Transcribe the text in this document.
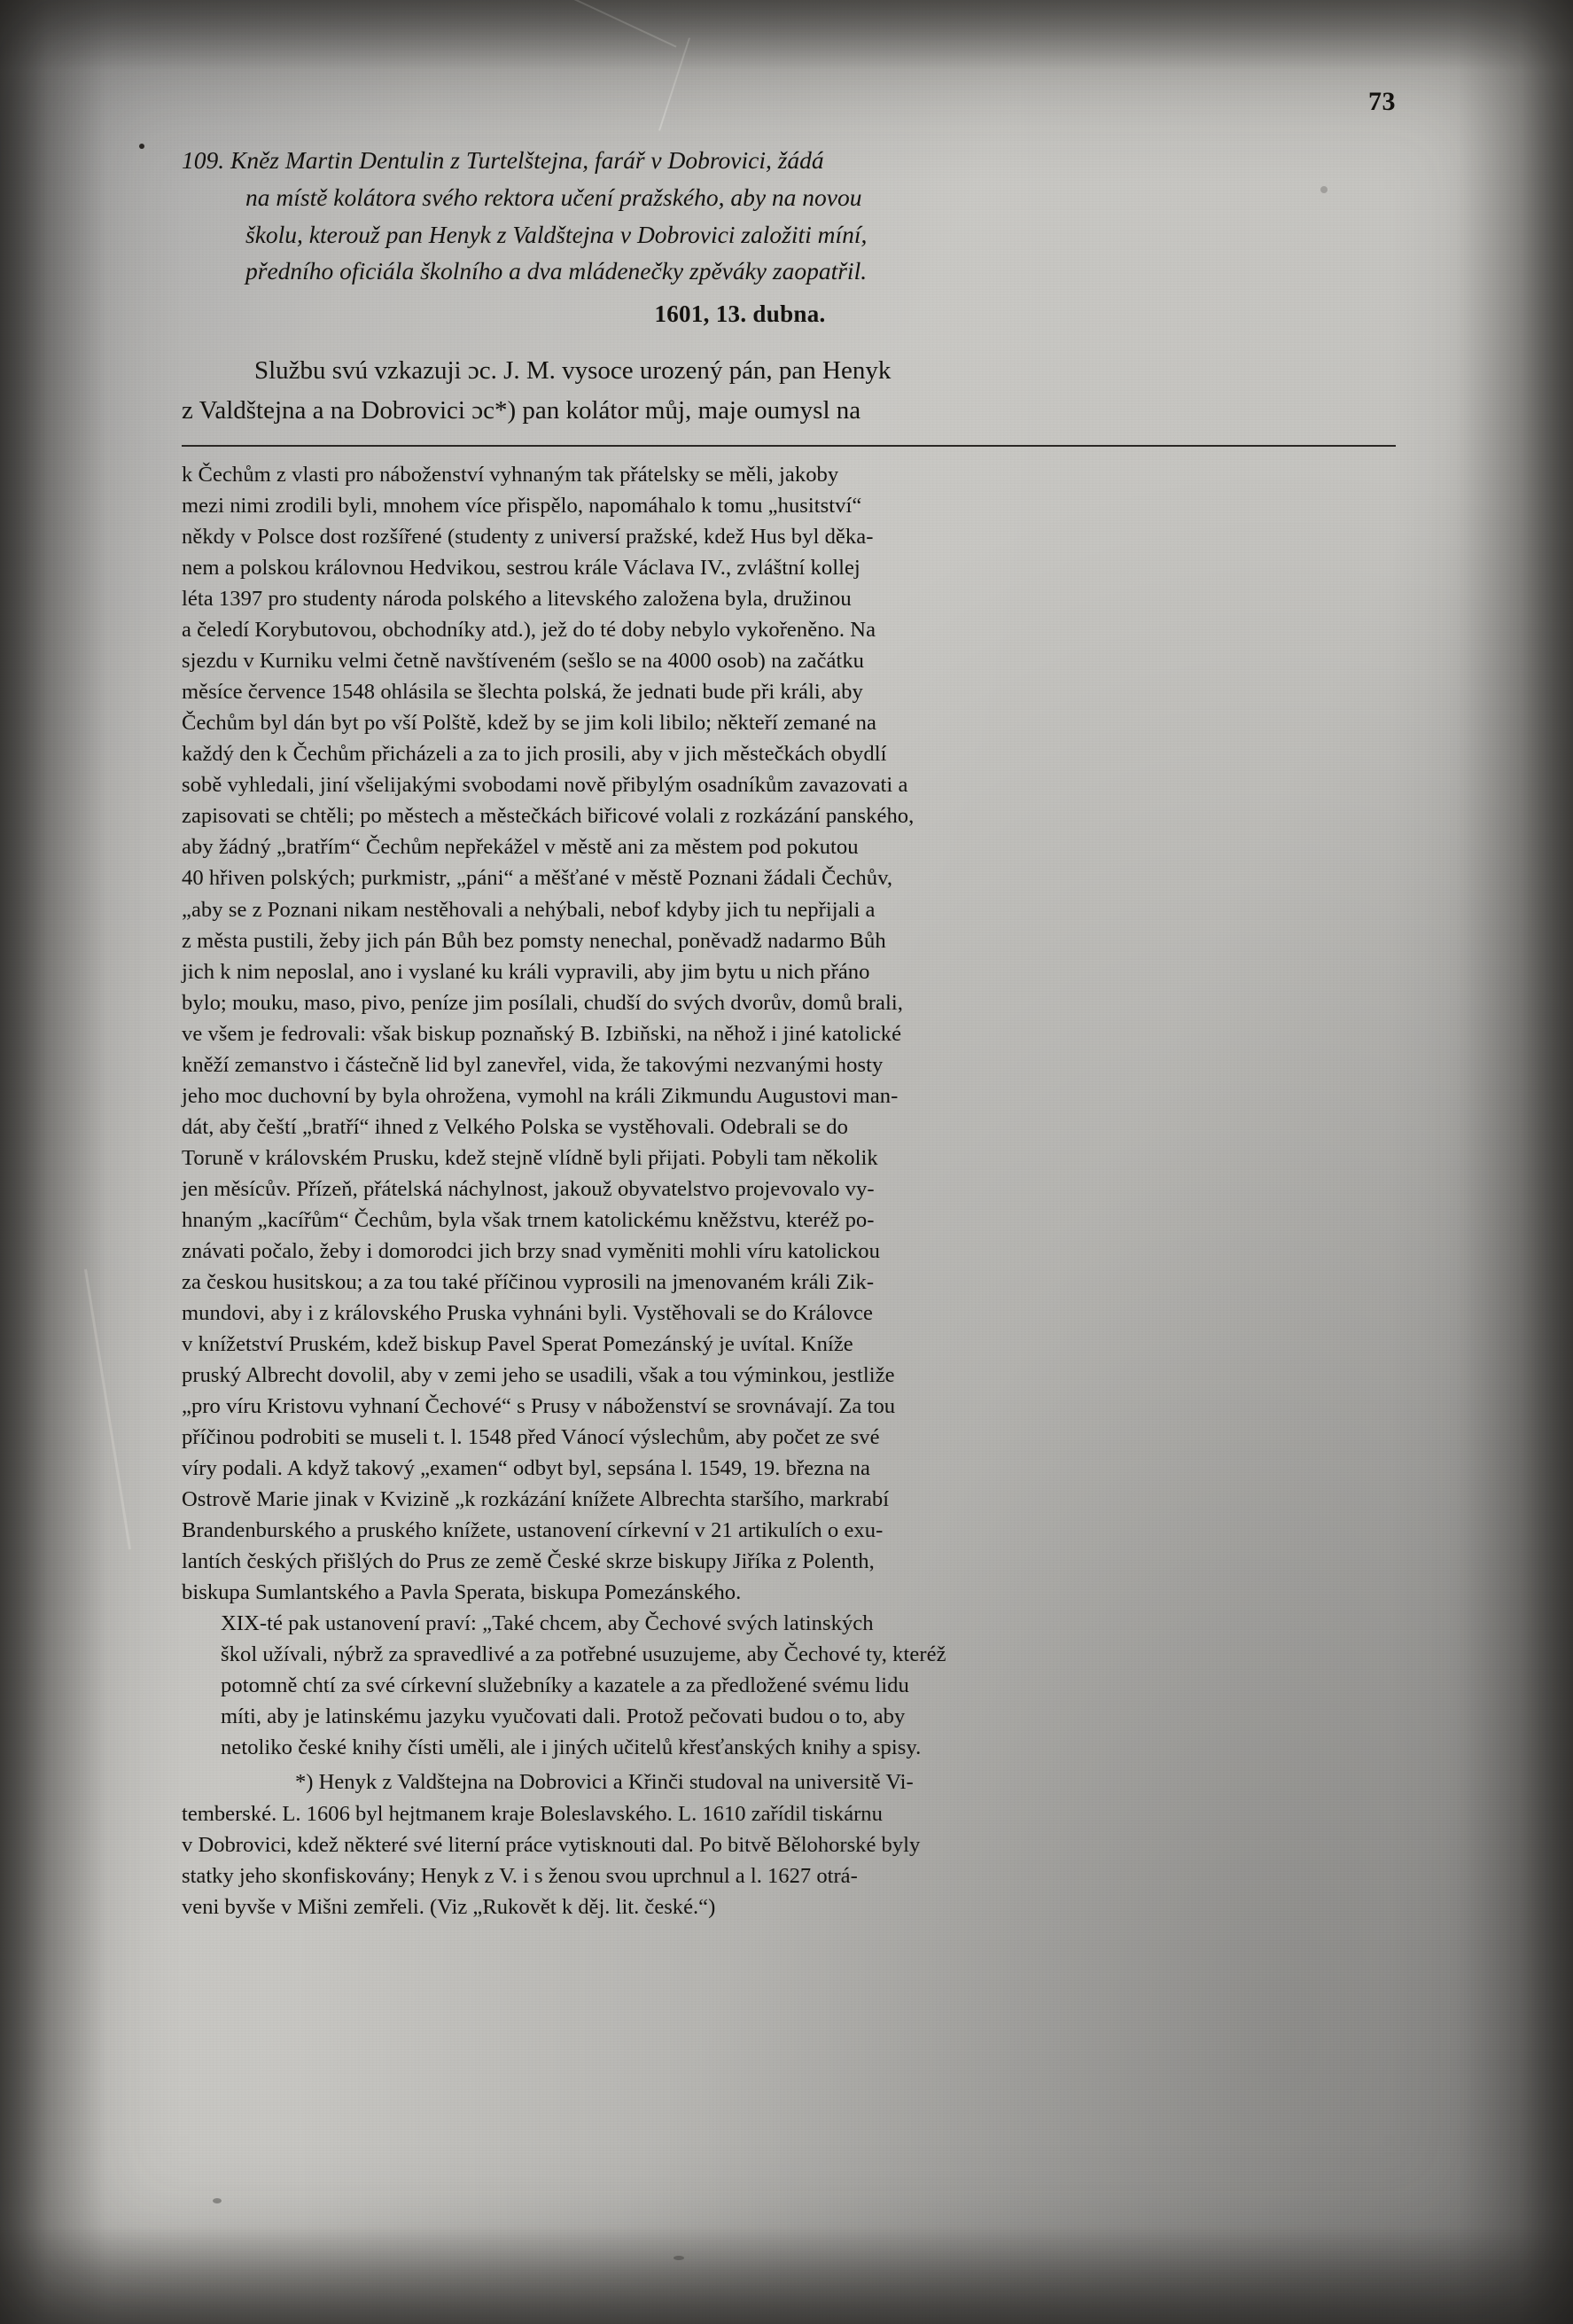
73
109. Kněz Martin Dentulin z Turtelštejna, farář v Dobrovici, žádá
na místě kolátora svého rektora učení pražského, aby na novou
školu, kterouž pan Henyk z Valdštejna v Dobrovici založiti míní,
předního oficiála školního a dva mládenečky zpěváky zaopatřil.
1601, 13. dubna.
Službu svú vzkazuji ɔc. J. M. vysoce urozený pán, pan Henyk
z Valdštejna a na Dobrovici ɔc*) pan kolátor můj, maje oumysl na

k Čechům z vlasti pro náboženství vyhnaným tak přátelsky se měli, jakoby
mezi nimi zrodili byli, mnohem více přispělo, napomáhalo k tomu „husitství“
někdy v Polsce dost rozšířené (studenty z universí pražské, kdež Hus byl děka-
nem a polskou královnou Hedvikou, sestrou krále Václava IV., zvláštní kollej
léta 1397 pro studenty národa polského a litevského založena byla, družinou
a čeledí Korybutovou, obchodníky atd.), jež do té doby nebylo vykořeněno. Na
sjezdu v Kurniku velmi četně navštíveném (sešlo se na 4000 osob) na začátku
měsíce července 1548 ohlásila se šlechta polská, že jednati bude při králi, aby
Čechům byl dán byt po vší Polště, kdež by se jim koli libilo; někteří zemané na
každý den k Čechům přicházeli a za to jich prosili, aby v jich městečkách obydlí
sobě vyhledali, jiní všelijakými svobodami nově přibylým osadníkům zavazovati a
zapisovati se chtěli; po městech a městečkách biřicové volali z rozkázání panského,
aby žádný „bratřím“ Čechům nepřekážel v městě ani za městem pod pokutou
40 hřiven polských; purkmistr, „páni“ a měšťané v městě Poznani žádali Čechův,
„aby se z Poznani nikam nestěhovali a nehýbali, nebof kdyby jich tu nepřijali a
z města pustili, žeby jich pán Bůh bez pomsty nenechal, poněvadž nadarmo Bůh
jich k nim neposlal, ano i vyslané ku králi vypravili, aby jim bytu u nich přáno
bylo; mouku, maso, pivo, peníze jim posílali, chudší do svých dvorův, domů brali,
ve všem je fedrovali: však biskup poznaňský B. Izbiňski, na něhož i jiné katolické
kněží zemanstvo i částečně lid byl zanevřel, vida, že takovými nezvanými hosty
jeho moc duchovní by byla ohrožena, vymohl na králi Zikmundu Augustovi man-
dát, aby čeští „bratří“ ihned z Velkého Polska se vystěhovali. Odebrali se do
Toruně v královském Prusku, kdež stejně vlídně byli přijati. Pobyli tam několik
jen měsícův. Přízeň, přátelská náchylnost, jakouž obyvatelstvo projevovalo vy-
hnaným „kacířům“ Čechům, byla však trnem katolickému kněžstvu, kteréž po-
znávati počalo, žeby i domorodci jich brzy snad vyměniti mohli víru katolickou
za českou husitskou; a za tou také příčinou vyprosili na jmenovaném králi Zik-
mundovi, aby i z královského Pruska vyhnáni byli. Vystěhovali se do Královce
v knížetství Pruském, kdež biskup Pavel Sperat Pomezánský je uvítal. Kníže
pruský Albrecht dovolil, aby v zemi jeho se usadili, však a tou výminkou, jestliže
„pro víru Kristovu vyhnaní Čechové“ s Prusy v náboženství se srovnávají. Za tou
příčinou podrobiti se museli t. l. 1548 před Vánocí výslechům, aby počet ze své
víry podali. A když takový „examen“ odbyt byl, sepsána l. 1549, 19. března na
Ostrově Marie jinak v Kvizině „k rozkázání knížete Albrechta staršího, markrabí
Brandenburského a pruského knížete, ustanovení církevní v 21 artikulích o exu-
lantích českých přišlých do Prus ze země České skrze biskupy Jiříka z Polenth,
biskupa Sumlantského a Pavla Sperata, biskupa Pomezánského.

XIX-té pak ustanovení praví: „Také chcem, aby Čechové svých latinských
škol užívali, nýbrž za spravedlivé a za potřebné usuzujeme, aby Čechové ty, kteréž
potomně chtí za své církevní služebníky a kazatele a za předložené svému lidu
míti, aby je latinskému jazyku vyučovati dali. Protož pečovati budou o to, aby
netoliko české knihy čísti uměli, ale i jiných učitelů křesťanských knihy a spisy.

*) Henyk z Valdštejna na Dobrovici a Křinči studoval na universitě Vi-
temberské. L. 1606 byl hejtmanem kraje Boleslavského. L. 1610 zařídil tiskárnu
v Dobrovici, kdež některé své literní práce vytisknouti dal. Po bitvě Bělohorské byly
statky jeho skonfiskovány; Henyk z V. i s ženou svou uprchnul a l. 1627 otrá-
veni byvše v Mišni zemřeli. (Viz „Rukovět k děj. lit. české.“)
